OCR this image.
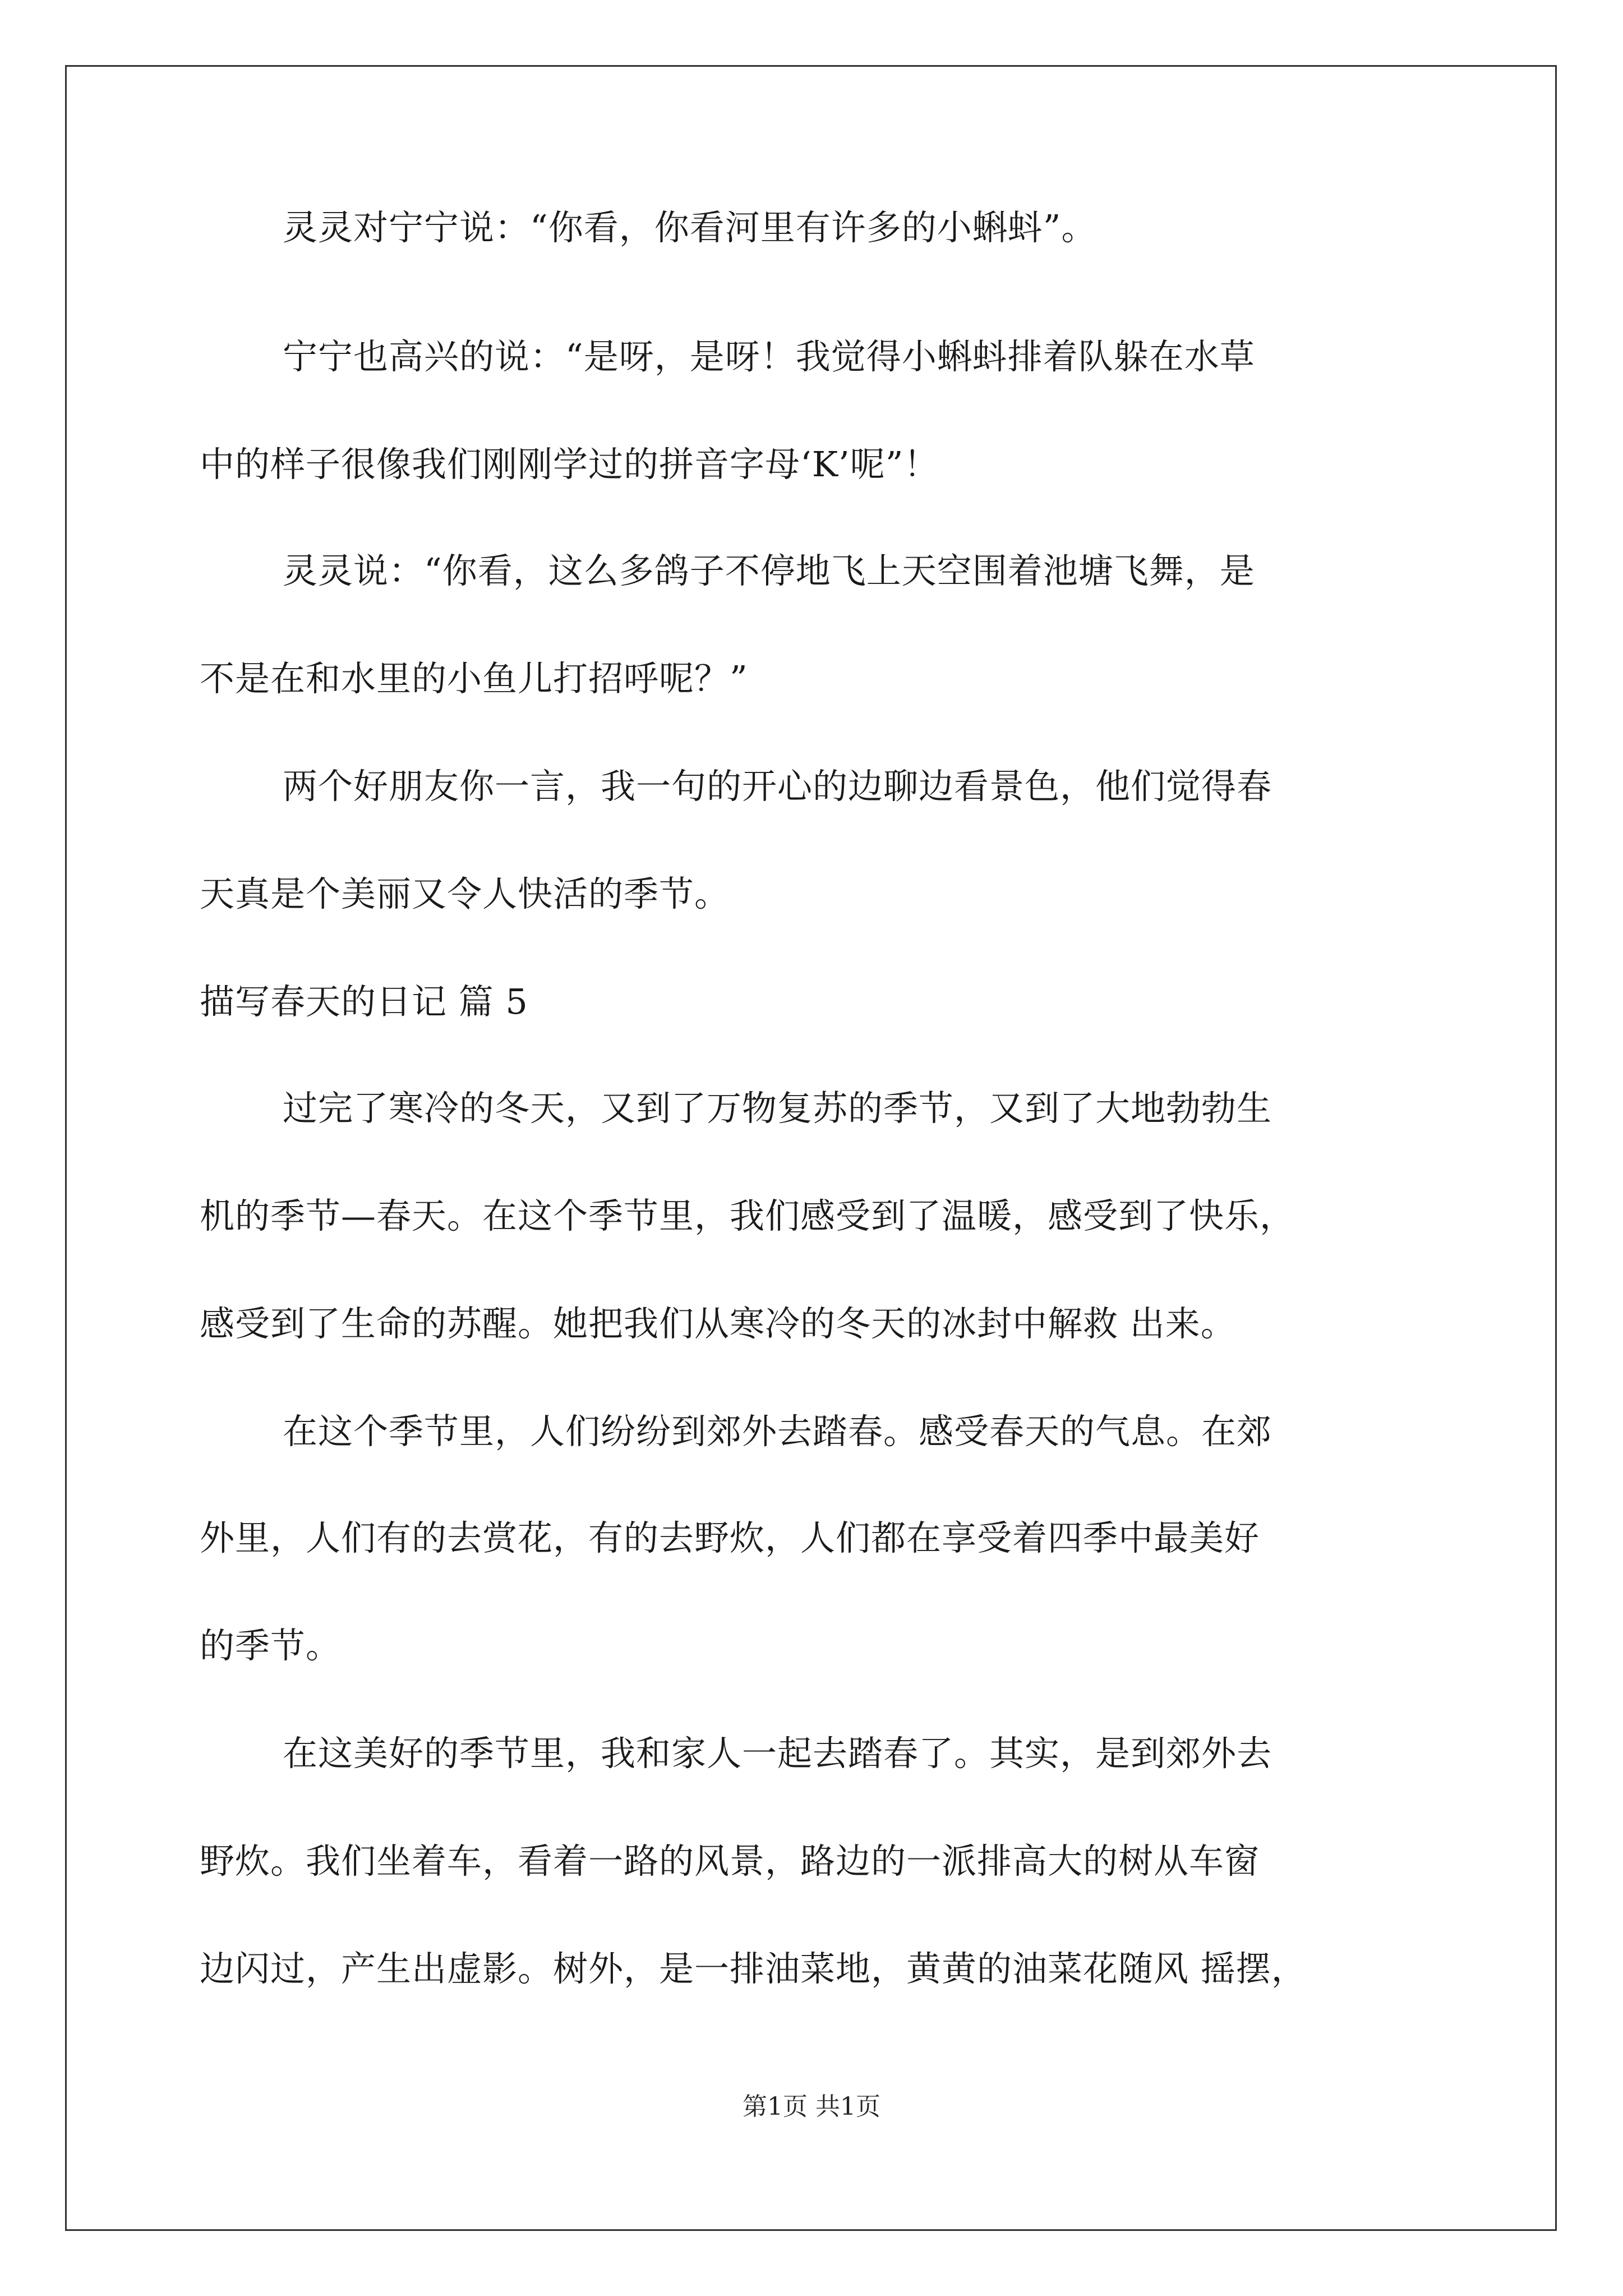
灵灵对宁宁说：“你看，你看河里有许多的小蝌蚪”。
宁宁也高兴的说：“是呀，是呀！我觉得小蝌蚪排着队躲在水草
中的样子很像我们刚刚学过的拼音字母‘K’呢”！
灵灵说：“你看，这么多鸽子不停地飞上天空围着池塘飞舞，是
不是在和水里的小鱼儿打招呼呢？”
两个好朋友你一言，我一句的开心的边聊边看景色，他们觉得春
天真是个美丽又令人快活的季节。
描写春天的日记 篇 5
过完了寒冷的冬天，又到了万物复苏的季节，又到了大地勃勃生
机的季节—春天。在这个季节里，我们感受到了温暖，感受到了快乐，
感受到了生命的苏醒。她把我们从寒冷的冬天的冰封中解救 出来。
在这个季节里，人们纷纷到郊外去踏春。感受春天的气息。在郊
外里，人们有的去赏花，有的去野炊，人们都在享受着四季中最美好
的季节。
在这美好的季节里，我和家人一起去踏春了。其实，是到郊外去
野炊。我们坐着车，看着一路的风景，路边的一派排高大的树从车窗
边闪过，产生出虚影。树外，是一排油菜地，黄黄的油菜花随风 摇摆，
第1页 共1页
